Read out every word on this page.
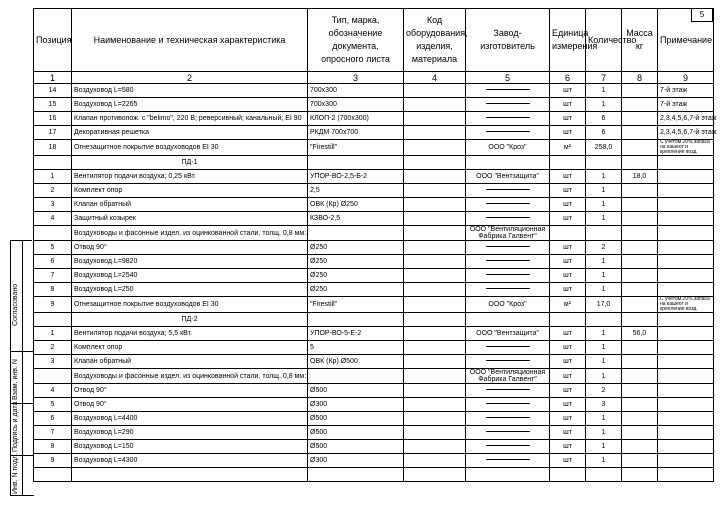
Согласовано
Взам. инв. N
Подпись и дата
Инв. N подл.
5
Позиция	Наименование и техническая характеристика	Тип, марка, обозначение документа, опросного листа	Код оборудования, изделия, материала	Завод-изготовитель	Единица измерения	Количество	Масса кг	Примечание
1	2	3	4	5	6	7	8	9
14	Воздуховод L=580	700x300			шт	1		7-й этаж
15	Воздуховод L=2265	700x300			шт	1		7-й этаж
16	Клапан противопож. с "belimo", 220 В; реверсивный; канальный; EI 90	КЛОП-2 (700x300)			шт	6		2,3,4,5,6,7-й этаж
17	Декоративная решетка	РКДМ 700x700			шт	6		2,3,4,5,6,7-й этаж
18	Огнезащитное покрытие воздуховодов EI 30	"Firestill"		ООО "Кроз"	м²	258,0		С учетом 20% запаса на кашеот и крепление возд.
	ПД-1							
1	Вентилятор подачи воздуха; 0,25 кВт.	УПОР-ВО-2,5-Б-2		ООО "Вентзащита"	шт	1	18,0	
2	Комплект опор	2,5			шт	1		
3	Клапан обратный	ОВК (Кр) Ø250			шт	1		
4	Защитный козырек	КЗВО-2,5			шт	1		
	Воздуховоды и фасонные издел. из оцинкованной стали, толщ. 0,8 мм:			ООО "Вентиляционная Фабрика Галвент"				
5	Отвод 90°	Ø250			шт	2		
6	Воздуховод L=9820	Ø250			шт	1		
7	Воздуховод L=2540	Ø250			шт	1		
8	Воздуховод L=250	Ø250			шт	1		
9	Огнезащитное покрытие воздуховодов EI 30	"Firestill"		ООО "Кроз"	м²	17,0		С учетом 20% запаса на кашеот и крепление возд.
	ПД-2							
1	Вентилятор подачи воздуха; 5,5 кВт.	УПОР-ВО-5-Е-2		ООО "Вентзащита"	шт	1	56,0	
2	Комплект опор	5			шт	1		
3	Клапан обратный	ОВК (Кр) Ø500			шт	1		
	Воздуховоды и фасонные издел. из оцинкованной стали, толщ. 0,8 мм:			ООО "Вентиляционная Фабрика Галвент"	шт	1		
4	Отвод 90°	Ø500			шт	2		
5	Отвод 90°	Ø300			шт	3		
6	Воздуховод L=4400	Ø500			шт	1		
7	Воздуховод L=290	Ø500			шт	1		
8	Воздуховод L=150	Ø500			шт	1		
9	Воздуховод L=4300	Ø300			шт	1		
